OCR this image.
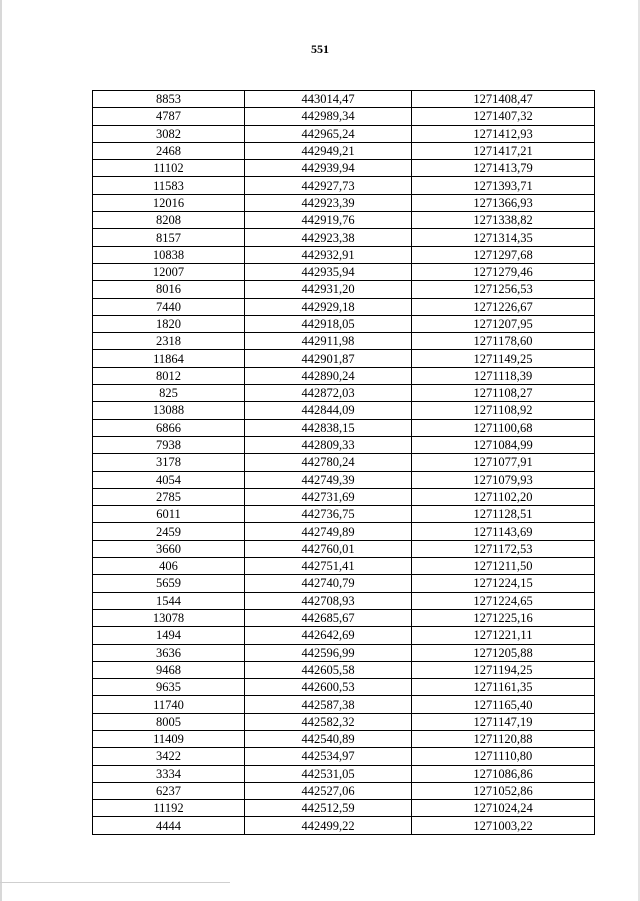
551
8853	443014,47	1271408,47
4787	442989,34	1271407,32
3082	442965,24	1271412,93
2468	442949,21	1271417,21
11102	442939,94	1271413,79
11583	442927,73	1271393,71
12016	442923,39	1271366,93
8208	442919,76	1271338,82
8157	442923,38	1271314,35
10838	442932,91	1271297,68
12007	442935,94	1271279,46
8016	442931,20	1271256,53
7440	442929,18	1271226,67
1820	442918,05	1271207,95
2318	442911,98	1271178,60
11864	442901,87	1271149,25
8012	442890,24	1271118,39
825	442872,03	1271108,27
13088	442844,09	1271108,92
6866	442838,15	1271100,68
7938	442809,33	1271084,99
3178	442780,24	1271077,91
4054	442749,39	1271079,93
2785	442731,69	1271102,20
6011	442736,75	1271128,51
2459	442749,89	1271143,69
3660	442760,01	1271172,53
406	442751,41	1271211,50
5659	442740,79	1271224,15
1544	442708,93	1271224,65
13078	442685,67	1271225,16
1494	442642,69	1271221,11
3636	442596,99	1271205,88
9468	442605,58	1271194,25
9635	442600,53	1271161,35
11740	442587,38	1271165,40
8005	442582,32	1271147,19
11409	442540,89	1271120,88
3422	442534,97	1271110,80
3334	442531,05	1271086,86
6237	442527,06	1271052,86
11192	442512,59	1271024,24
4444	442499,22	1271003,22
